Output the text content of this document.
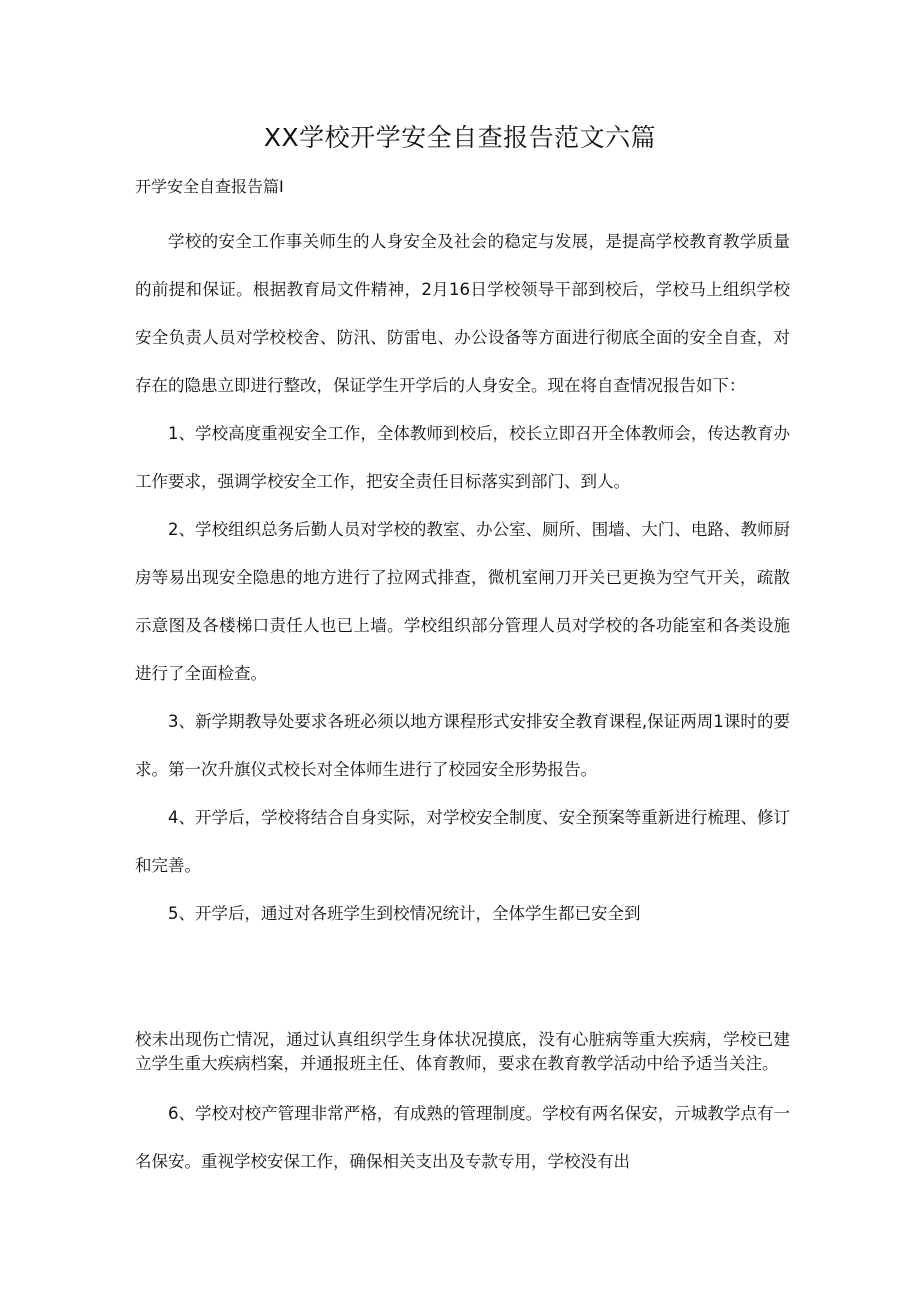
XX学校开学安全自查报告范文六篇
开学安全自查报告篇I

学校的安全工作事关师生的人身安全及社会的稳定与发展，是提高学校教育教学质量的前提和保证。根据教育局文件精神，2月16日学校领导干部到校后，学校马上组织学校安全负责人员对学校校舍、防汛、防雷电、办公设备等方面进行彻底全面的安全自查，对存在的隐患立即进行整改，保证学生开学后的人身安全。现在将自查情况报告如下：

1、学校高度重视安全工作，全体教师到校后，校长立即召开全体教师会，传达教育办工作要求，强调学校安全工作，把安全责任目标落实到部门、到人。

2、学校组织总务后勤人员对学校的教室、办公室、厕所、围墙、大门、电路、教师厨房等易出现安全隐患的地方进行了拉网式排查，微机室闸刀开关已更换为空气开关，疏散示意图及各楼梯口责任人也已上墙。学校组织部分管理人员对学校的各功能室和各类设施进行了全面检查。

3、新学期教导处要求各班必须以地方课程形式安排安全教育课程,保证两周1课时的要求。第一次升旗仪式校长对全体师生进行了校园安全形势报告。

4、开学后，学校将结合自身实际，对学校安全制度、安全预案等重新进行梳理、修订和完善。

5、开学后，通过对各班学生到校情况统计，全体学生都已安全到

校未出现伤亡情况，通过认真组织学生身体状况摸底，没有心脏病等重大疾病，学校已建立学生重大疾病档案，并通报班主任、体育教师，要求在教育教学活动中给予适当关注。

6、学校对校产管理非常严格，有成熟的管理制度。学校有两名保安，亓城教学点有一名保安。重视学校安保工作，确保相关支出及专款专用，学校没有出
